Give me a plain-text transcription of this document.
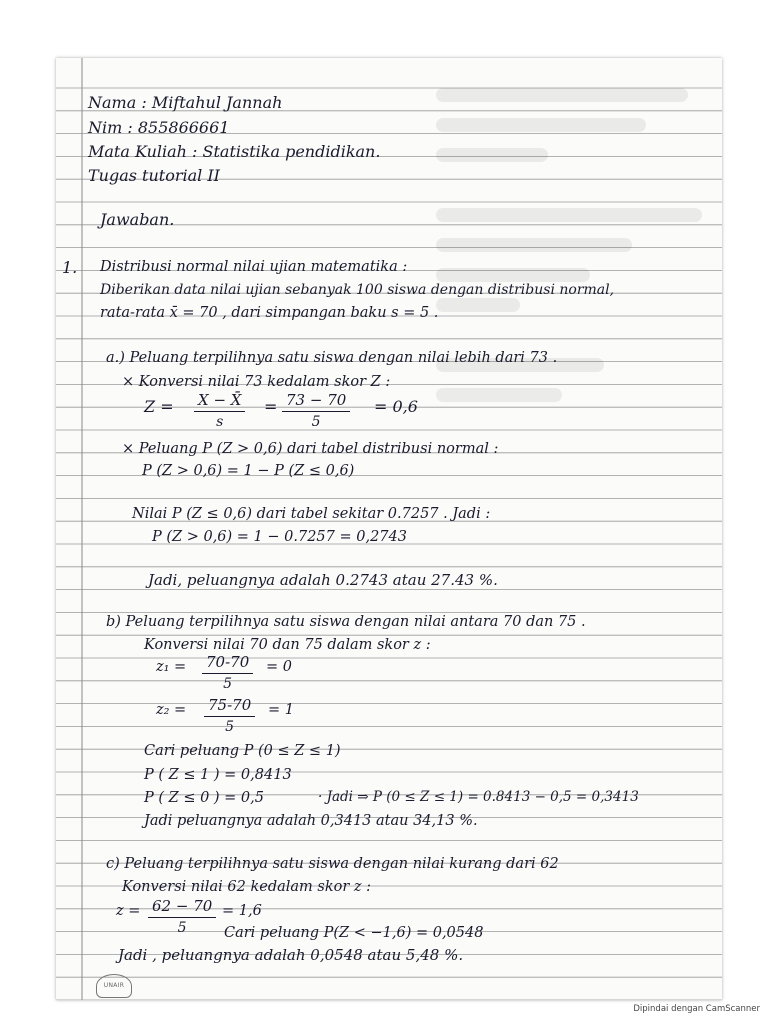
Nama : Miftahul Jannah
Nim : 855866661
Mata Kuliah : Statistika pendidikan.
Tugas tutorial II
Jawaban.
1. Distribusi normal nilai ujian matematika :
Diberikan data nilai ujian sebanyak 100 siswa dengan distribusi normal,
rata-rata x̄ = 70 , dari simpangan baku s = 5 .
a.) Peluang terpilihnya satu siswa dengan nilai lebih dari 73 .
× Konversi nilai 73 kedalam skor Z :
$Z = \frac{X - X̄}{s} = \frac{73 - 70}{5} = 0,6$
× Peluang P (Z > 0,6) dari tabel distribusi normal :
P (Z > 0,6) = 1 − P (Z ≤ 0,6)
Nilai P (Z ≤ 0,6) dari tabel sekitar 0.7257 . Jadi :
P (Z > 0,6) = 1 − 0.7257 = 0,2743
Jadi, peluangnya adalah 0.2743 atau 27.43 %.
b) Peluang terpilihnya satu siswa dengan nilai antara 70 dan 75 .
Konversi nilai 70 dan 75 dalam skor z :
$z_1 = \frac{70-70}{5} = 0$
$z_2 = \frac{75-70}{5} = 1$
Cari peluang P (0 ≤ Z ≤ 1)
P ( Z ≤ 1 ) = 0,8413
P ( Z ≤ 0 ) = 0,5	· Jadi ⇒ P (0 ≤ Z ≤ 1) = 0.8413 − 0,5 = 0,3413
Jadi peluangnya adalah 0,3413 atau 34,13 %.
c) Peluang terpilihnya satu siswa dengan nilai kurang dari 62
Konversi nilai 62 kedalam skor z :
$z = \frac{62 - 70}{5} = 1,6$
Cari peluang P(Z < −1,6) = 0,0548
Jadi , peluangnya adalah 0,0548 atau 5,48 %.
UNAIR
Dipindai dengan CamScanner
